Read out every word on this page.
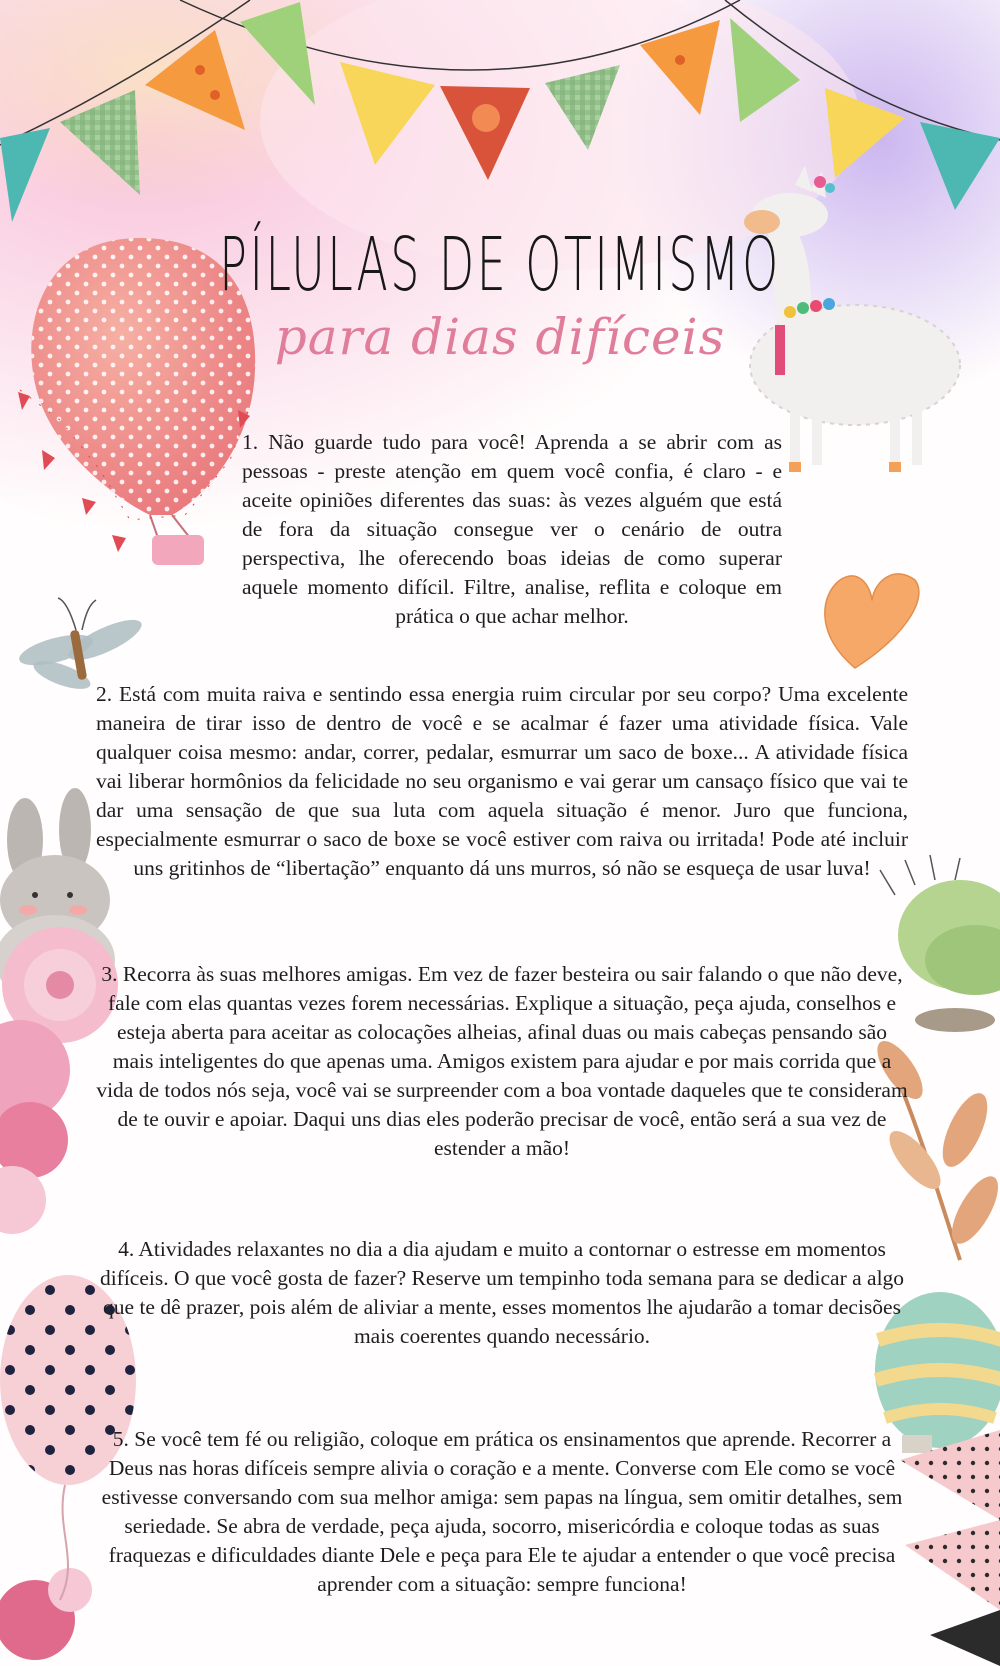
PÍLULAS DE OTIMISMO
para dias difíceis

1. Não guarde tudo para você! Aprenda a se abrir com as pessoas - preste atenção em quem você confia, é claro - e aceite opiniões diferentes das suas: às vezes alguém que está de fora da situação consegue ver o cenário de outra perspectiva, lhe oferecendo boas ideias de como superar aquele momento difícil. Filtre, analise, reflita e coloque em prática o que achar melhor.

2. Está com muita raiva e sentindo essa energia ruim circular por seu corpo? Uma excelente maneira de tirar isso de dentro de você e se acalmar é fazer uma atividade física. Vale qualquer coisa mesmo: andar, correr, pedalar, esmurrar um saco de boxe... A atividade física vai liberar hormônios da felicidade no seu organismo e vai gerar um cansaço físico que vai te dar uma sensação de que sua luta com aquela situação é menor. Juro que funciona, especialmente esmurrar o saco de boxe se você estiver com raiva ou irritada! Pode até incluir uns gritinhos de “libertação” enquanto dá uns murros, só não se esqueça de usar luva!

3. Recorra às suas melhores amigas. Em vez de fazer besteira ou sair falando o que não deve, fale com elas quantas vezes forem necessárias. Explique a situação, peça ajuda, conselhos e esteja aberta para aceitar as colocações alheias, afinal duas ou mais cabeças pensando são mais inteligentes do que apenas uma. Amigos existem para ajudar e por mais corrida que a vida de todos nós seja, você vai se surpreender com a boa vontade daqueles que te consideram de te ouvir e apoiar. Daqui uns dias eles poderão precisar de você, então será a sua vez de estender a mão!

4. Atividades relaxantes no dia a dia ajudam e muito a contornar o estresse em momentos difíceis. O que você gosta de fazer? Reserve um tempinho toda semana para se dedicar a algo que te dê prazer, pois além de aliviar a mente, esses momentos lhe ajudarão a tomar decisões mais coerentes quando necessário.

5. Se você tem fé ou religião, coloque em prática os ensinamentos que aprende. Recorrer a Deus nas horas difíceis sempre alivia o coração e a mente. Converse com Ele como se você estivesse conversando com sua melhor amiga: sem papas na língua, sem omitir detalhes, sem seriedade. Se abra de verdade, peça ajuda, socorro, misericórdia e coloque todas as suas fraquezas e dificuldades diante Dele e peça para Ele te ajudar a entender o que você precisa aprender com a situação: sempre funciona!
